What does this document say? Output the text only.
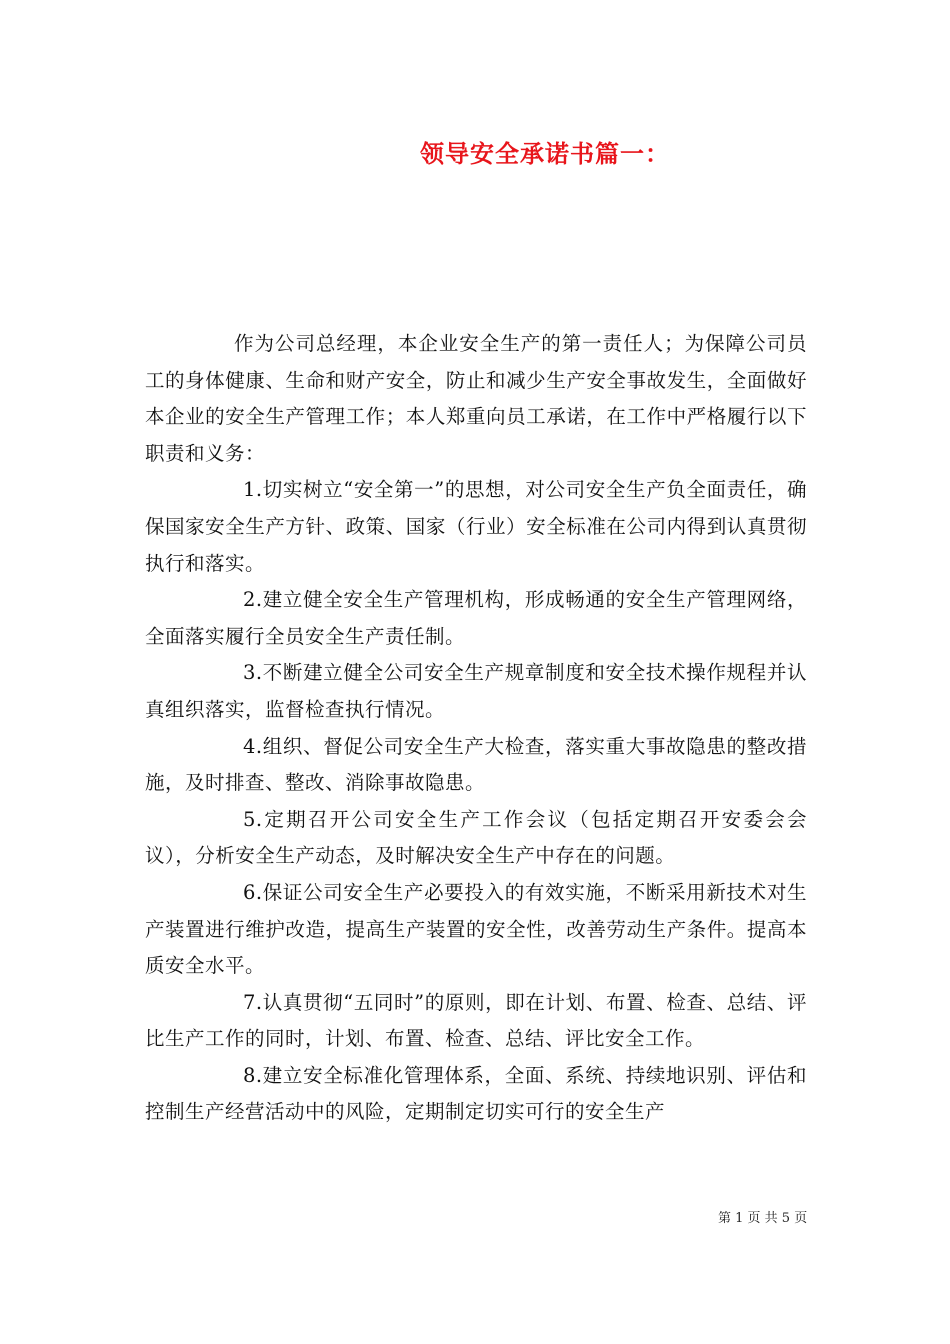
领导安全承诺书篇一：

作为公司总经理，本企业安全生产的第一责任人；为保障公司员工的身体健康、生命和财产安全，防止和减少生产安全事故发生，全面做好本企业的安全生产管理工作；本人郑重向员工承诺，在工作中严格履行以下职责和义务：

1.切实树立“安全第一”的思想，对公司安全生产负全面责任，确保国家安全生产方针、政策、国家（行业）安全标准在公司内得到认真贯彻执行和落实。

2.建立健全安全生产管理机构，形成畅通的安全生产管理网络，全面落实履行全员安全生产责任制。

3.不断建立健全公司安全生产规章制度和安全技术操作规程并认真组织落实，监督检查执行情况。

4.组织、督促公司安全生产大检查，落实重大事故隐患的整改措施，及时排查、整改、消除事故隐患。

5.定期召开公司安全生产工作会议（包括定期召开安委会会议），分析安全生产动态，及时解决安全生产中存在的问题。

6.保证公司安全生产必要投入的有效实施，不断采用新技术对生产装置进行维护改造，提高生产装置的安全性，改善劳动生产条件。提高本质安全水平。

7.认真贯彻“五同时”的原则，即在计划、布置、检查、总结、评比生产工作的同时，计划、布置、检查、总结、评比安全工作。

8.建立安全标准化管理体系，全面、系统、持续地识别、评估和控制生产经营活动中的风险，定期制定切实可行的安全生产

第 1 页 共 5 页
